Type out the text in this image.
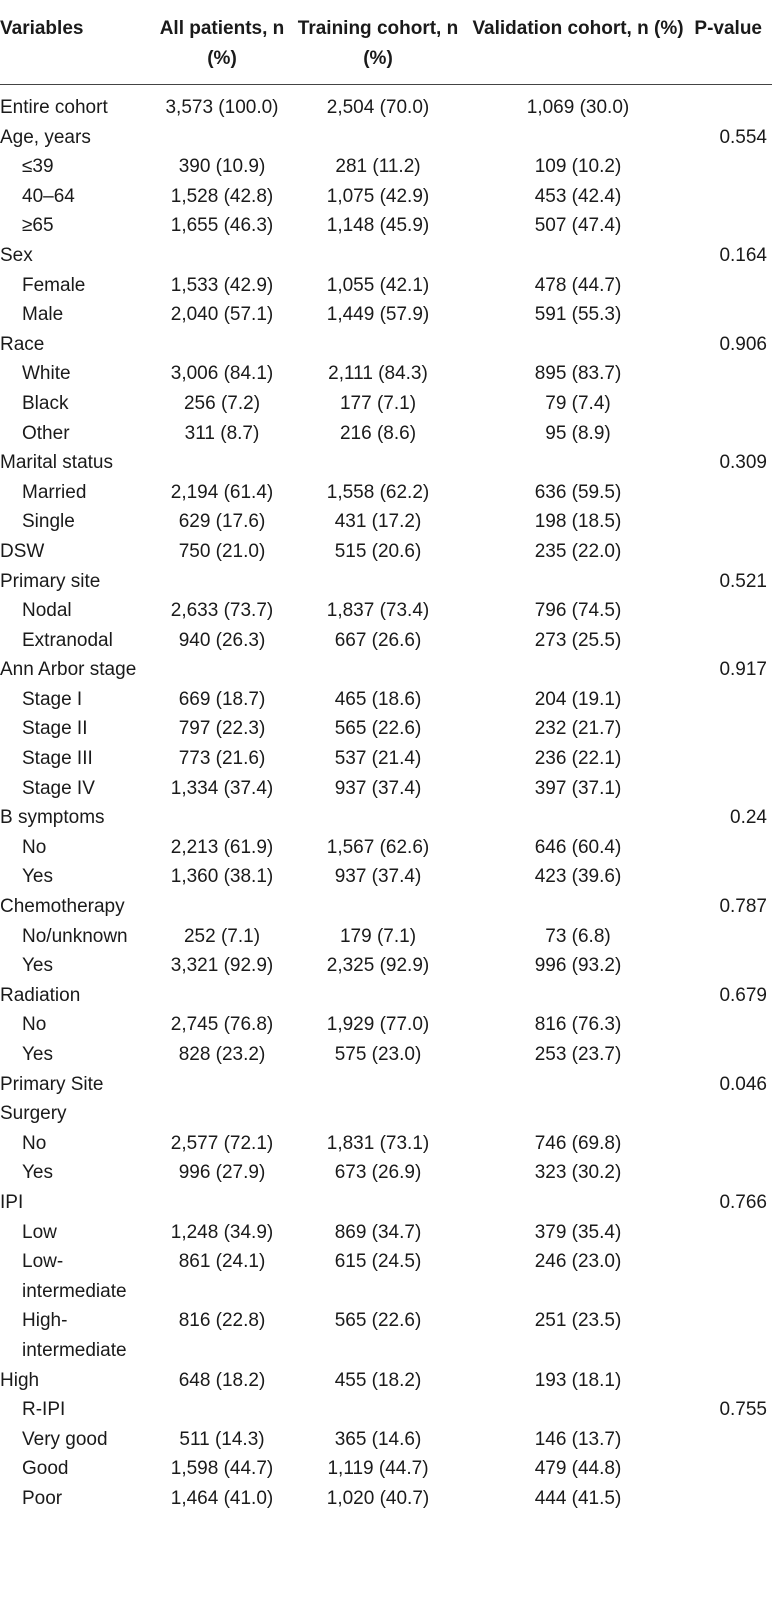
Variables	All patients, n (%)	Training cohort, n (%)	Validation cohort, n (%)	P-value
Entire cohort	3,573 (100.0)	2,504 (70.0)	1,069 (30.0)	
Age, years				0.554
≤39	390 (10.9)	281 (11.2)	109 (10.2)	
40–64	1,528 (42.8)	1,075 (42.9)	453 (42.4)	
≥65	1,655 (46.3)	1,148 (45.9)	507 (47.4)	
Sex				0.164
Female	1,533 (42.9)	1,055 (42.1)	478 (44.7)	
Male	2,040 (57.1)	1,449 (57.9)	591 (55.3)	
Race				0.906
White	3,006 (84.1)	2,111 (84.3)	895 (83.7)	
Black	256 (7.2)	177 (7.1)	79 (7.4)	
Other	311 (8.7)	216 (8.6)	95 (8.9)	
Marital status				0.309
Married	2,194 (61.4)	1,558 (62.2)	636 (59.5)	
Single	629 (17.6)	431 (17.2)	198 (18.5)	
DSW	750 (21.0)	515 (20.6)	235 (22.0)	
Primary site				0.521
Nodal	2,633 (73.7)	1,837 (73.4)	796 (74.5)	
Extranodal	940 (26.3)	667 (26.6)	273 (25.5)	
Ann Arbor stage				0.917
Stage I	669 (18.7)	465 (18.6)	204 (19.1)	
Stage II	797 (22.3)	565 (22.6)	232 (21.7)	
Stage III	773 (21.6)	537 (21.4)	236 (22.1)	
Stage IV	1,334 (37.4)	937 (37.4)	397 (37.1)	
B symptoms				0.24
No	2,213 (61.9)	1,567 (62.6)	646 (60.4)	
Yes	1,360 (38.1)	937 (37.4)	423 (39.6)	
Chemotherapy				0.787
No/unknown	252 (7.1)	179 (7.1)	73 (6.8)	
Yes	3,321 (92.9)	2,325 (92.9)	996 (93.2)	
Radiation				0.679
No	2,745 (76.8)	1,929 (77.0)	816 (76.3)	
Yes	828 (23.2)	575 (23.0)	253 (23.7)	
Primary Site Surgery				0.046
No	2,577 (72.1)	1,831 (73.1)	746 (69.8)	
Yes	996 (27.9)	673 (26.9)	323 (30.2)	
IPI				0.766
Low	1,248 (34.9)	869 (34.7)	379 (35.4)	
Low-intermediate	861 (24.1)	615 (24.5)	246 (23.0)	
High-intermediate	816 (22.8)	565 (22.6)	251 (23.5)	
High	648 (18.2)	455 (18.2)	193 (18.1)	
R-IPI				0.755
Very good	511 (14.3)	365 (14.6)	146 (13.7)	
Good	1,598 (44.7)	1,119 (44.7)	479 (44.8)	
Poor	1,464 (41.0)	1,020 (40.7)	444 (41.5)	
